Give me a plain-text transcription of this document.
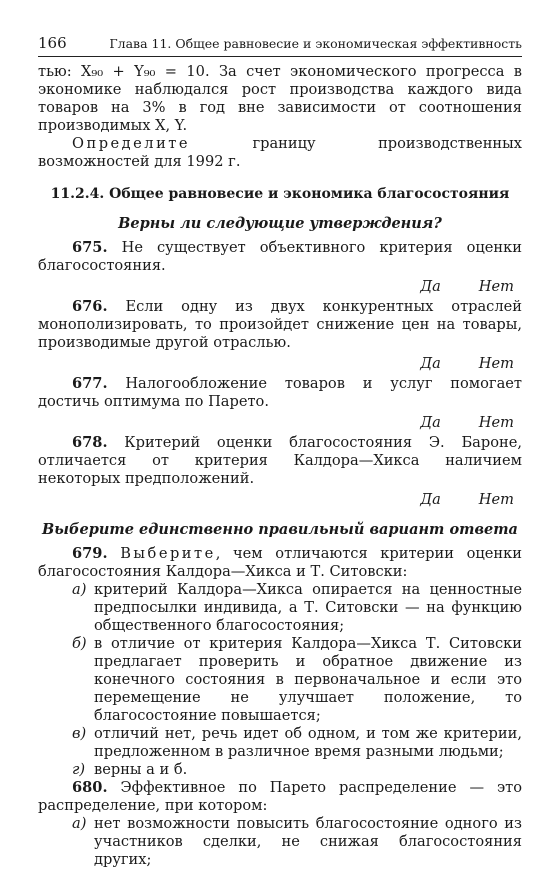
166	Глава 11. Общее равновесие и экономическая эффективность

тью: X₉₀ + Y₉₀ = 10. За счет экономического прогресса в экономике наблюдался рост производства каждого вида товаров на 3% в год вне зависимости от соотношения производимых X, Y.

Определите границу производственных возможностей для 1992 г.

11.2.4. Общее равновесие и экономика благосостояния
Верны ли следующие утверждения?

675. Не существует объективного критерия оценки благосостояния.

Да	Нет

676. Если одну из двух конкурентных отраслей монополизировать, то произойдет снижение цен на товары, производимые другой отраслью.

Да	Нет

677. Налогообложение товаров и услуг помогает достичь оптимума по Парето.

Да	Нет

678. Критерий оценки благосостояния Э. Бароне, отличается от критерия Калдора—Хикса наличием некоторых предположений.

Да	Нет
Выберите единственно правильный вариант ответа

679. Выберите, чем отличаются критерии оценки благосостояния Калдора—Хикса и Т. Ситовски:

а) критерий Калдора—Хикса опирается на ценностные предпосылки индивида, а Т. Ситовски — на функцию общественного благосостояния;
б) в отличие от критерия Калдора—Хикса Т. Ситовски предлагает проверить и обратное движение из конечного состояния в первоначальное и если это перемещение не улучшает положение, то благосостояние повышается;
в) отличий нет, речь идет об одном, и том же критерии, предложенном в различное время разными людьми;
г) верны а и б.

680. Эффективное по Парето распределение — это распределение, при котором:

а) нет возможности повысить благосостояние одного из участников сделки, не снижая благосостояния других;
